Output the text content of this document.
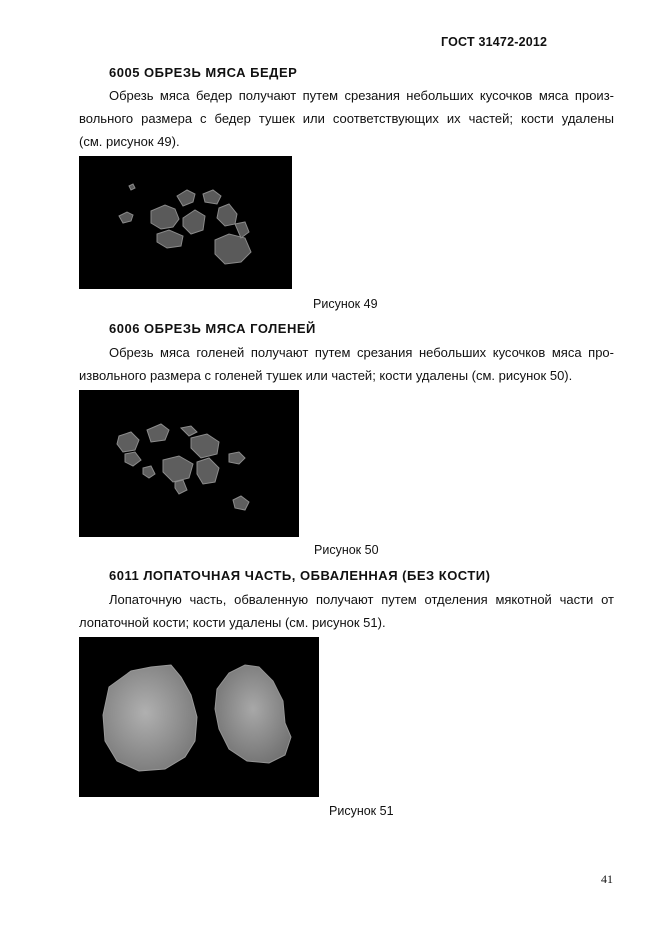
ГОСТ 31472-2012
6005 ОБРЕЗЬ МЯСА БЕДЕР
Обрезь мяса бедер получают путем срезания небольших кусочков мяса произ-
вольного размера с бедер тушек или соответствующих их частей; кости удалены
(см. рисунок 49).
Рисунок 49
6006 ОБРЕЗЬ МЯСА ГОЛЕНЕЙ
Обрезь мяса голеней получают путем срезания небольших кусочков мяса про-
извольного размера с голеней тушек или частей; кости удалены (см. рисунок 50).
Рисунок 50
6011 ЛОПАТОЧНАЯ ЧАСТЬ, ОБВАЛЕННАЯ (БЕЗ КОСТИ)
Лопаточную часть, обваленную получают путем отделения мякотной части от
лопаточной кости; кости удалены (см. рисунок 51).
Рисунок 51
41
